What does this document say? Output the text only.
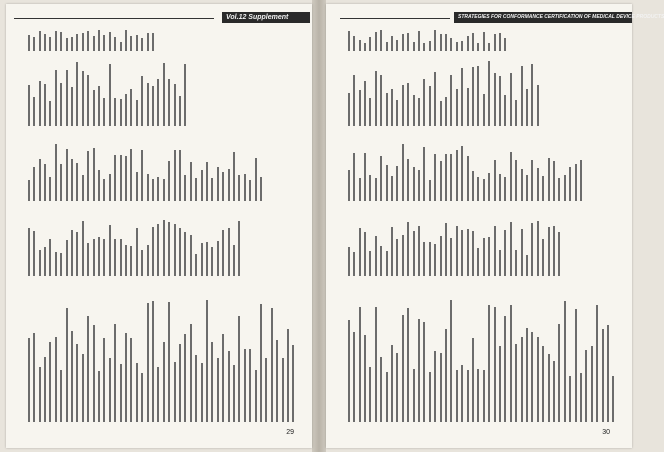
Vol.12 Supplement
29
STRATEGIES FOR CONFORMANCE CERTIFICATION OF MEDICAL DEVICE PRODUCTS
30
